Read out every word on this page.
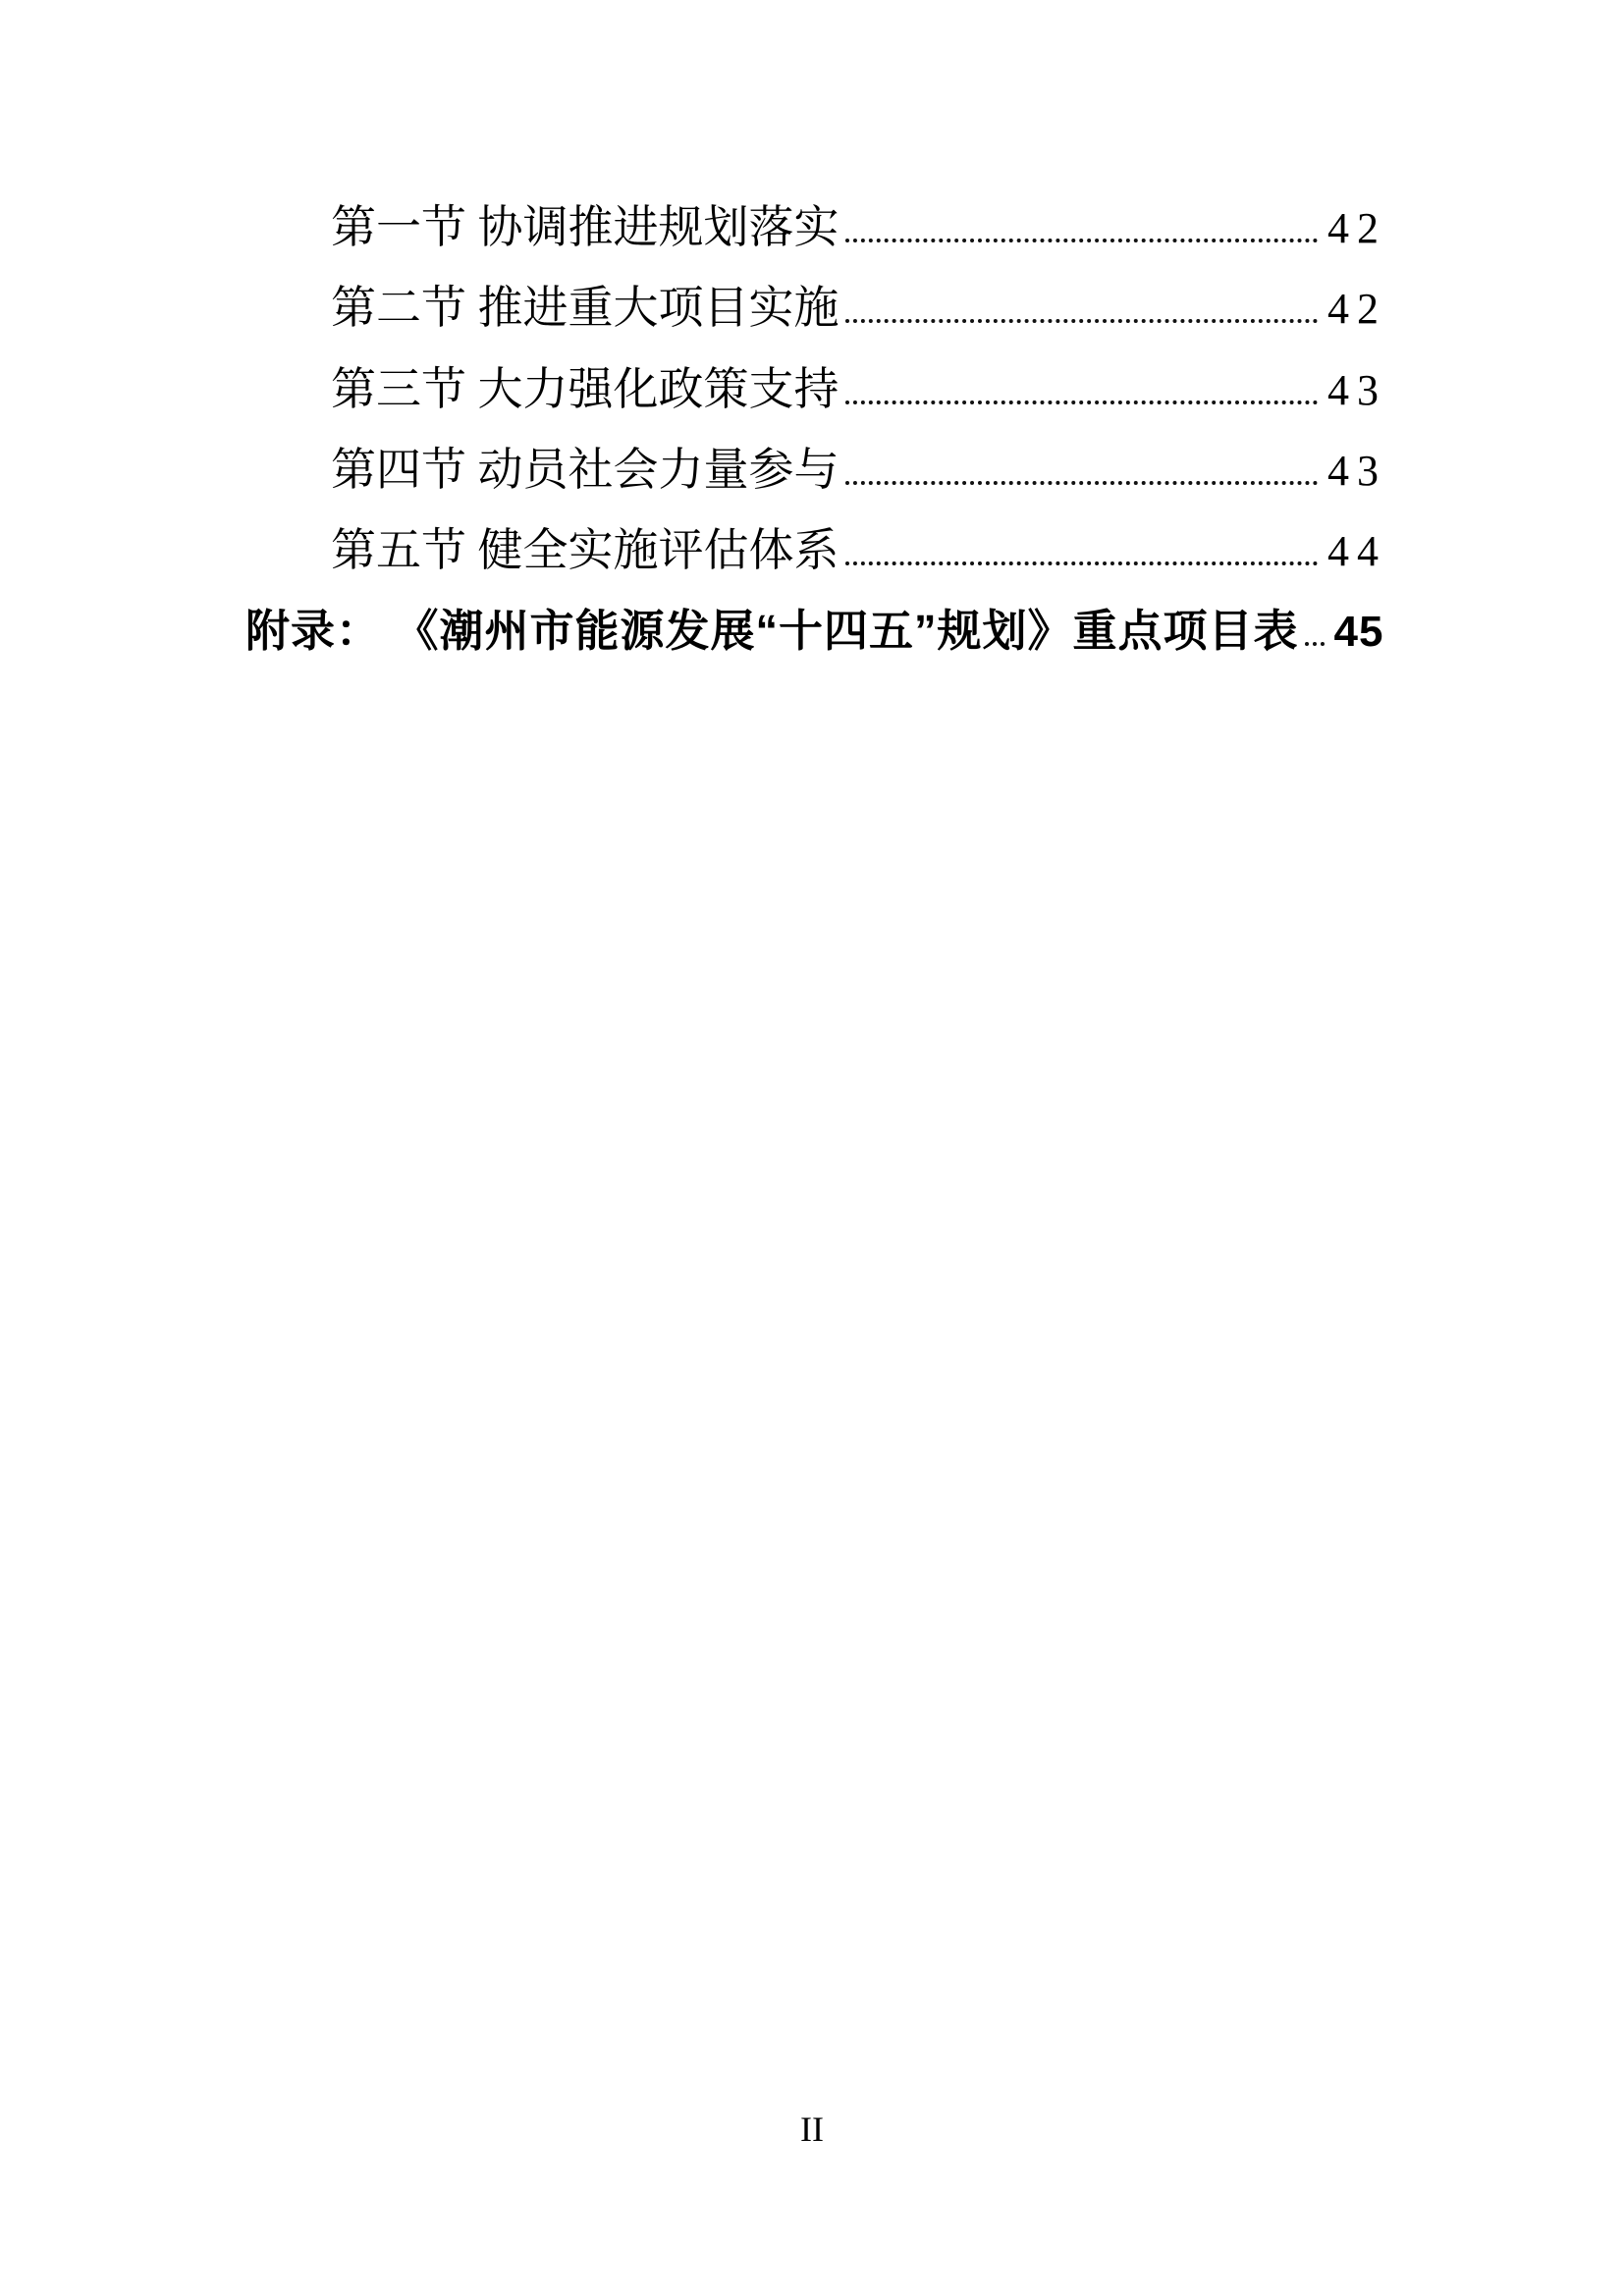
第一节 协调推进规划落实	42
第二节 推进重大项目实施	42
第三节 大力强化政策支持	43
第四节 动员社会力量参与	43
第五节 健全实施评估体系	44
附录： 《潮州市能源发展“十四五”规划》重点项目表 45
II
